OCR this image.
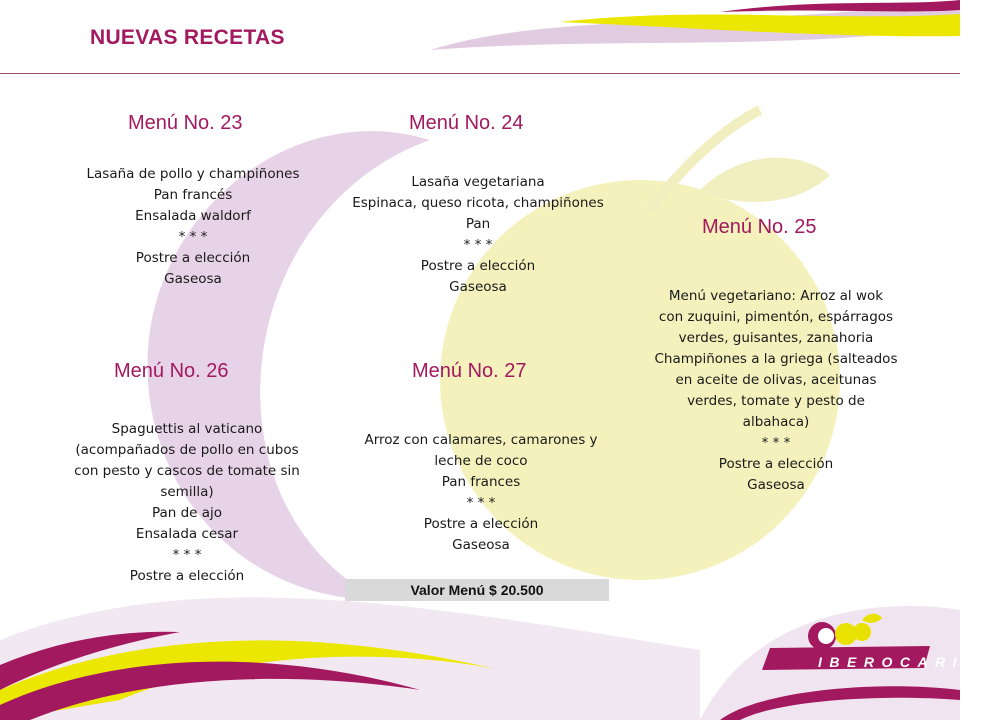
NUEVAS RECETAS
Menú No. 23
Lasaña de pollo y champiñones
Pan francés
Ensalada waldorf
* * *
Postre a elección
Gaseosa
Menú No. 24
Lasaña vegetariana
Espinaca, queso ricota, champiñones
Pan
* * *
Postre a elección
Gaseosa
Menú No. 25
Menú vegetariano: Arroz al wok
con zuquini, pimentón, espárragos
verdes, guisantes, zanahoria
Champiñones a la griega (salteados
en aceite de olivas, aceitunas
verdes, tomate y pesto de
albahaca)
* * *
Postre a elección
Gaseosa
Menú No. 26
Spaguettis al vaticano
(acompañados de pollo en cubos
con pesto y cascos de tomate sin
semilla)
Pan de ajo
Ensalada cesar
* * *
Postre a elección
Menú No. 27
Arroz con calamares, camarones y
leche de coco
Pan frances
* * *
Postre a elección
Gaseosa
Valor Menú $ 20.500
IBEROCARIBE
